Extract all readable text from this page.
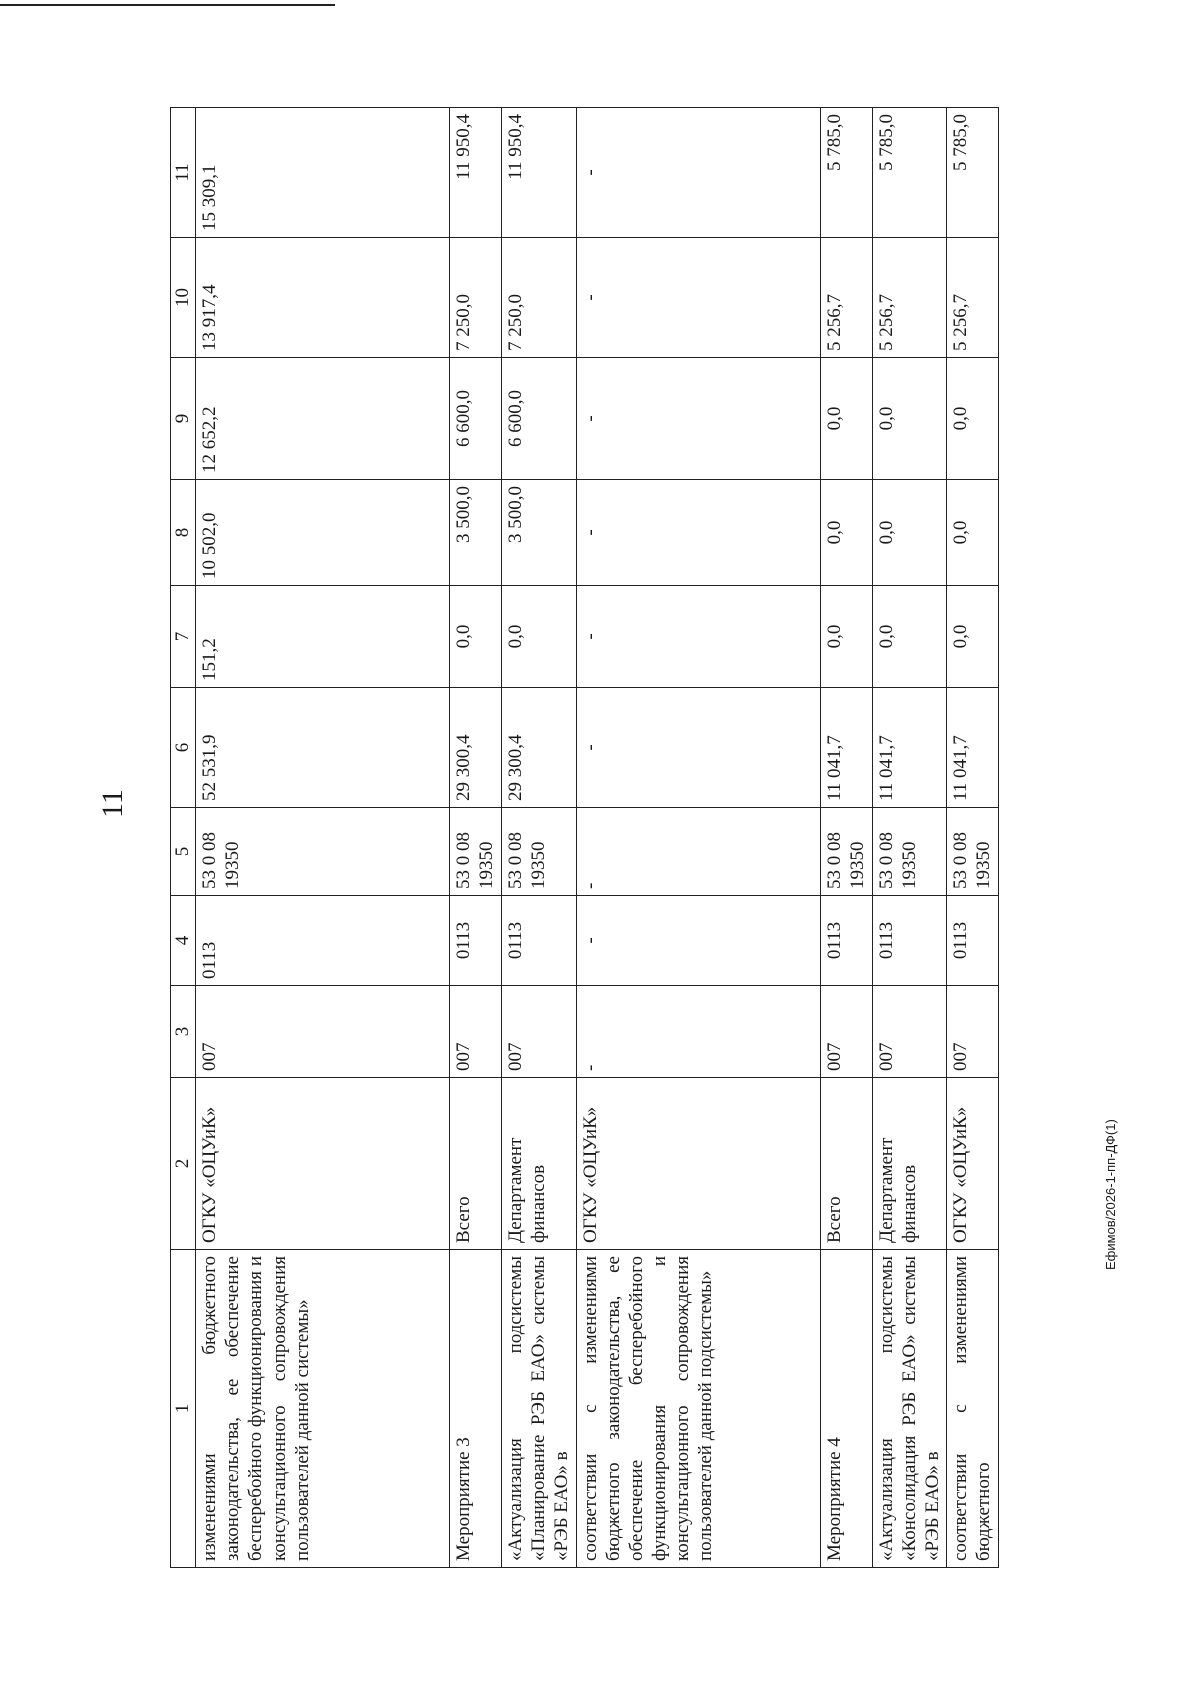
11
Ефимов/2026-1-пп-ДФ(1)
1	2	3	4	5	6	7	8	9	10	11
изменениями бюджетного законодательства, ее обеспечение бесперебойного функционирования и консультационного сопровождения пользователей данной системы»	ОГКУ «ОЦУиК»	007	0113	53 0 08 19350	52 531,9	151,2	10 502,0	12 652,2	13 917,4	15 309,1
Мероприятие 3	Всего	007	0113	53 0 08 19350	29 300,4	0,0	3 500,0	6 600,0	7 250,0	11 950,4
«Актуализация подсистемы «Планирование РЭБ ЕАО» системы «РЭБ ЕАО» в	Департамент финансов	007	0113	53 0 08 19350	29 300,4	0,0	3 500,0	6 600,0	7 250,0	11 950,4
соответствии с изменениями бюджетного законодательства, ее обеспечение бесперебойного функционирования и консультационного сопровождения пользователей данной подсистемы»	ОГКУ «ОЦУиК»	-	-	-	-	-	-	-	-	-
Мероприятие 4	Всего	007	0113	53 0 08 19350	11 041,7	0,0	0,0	0,0	5 256,7	5 785,0
«Актуализация подсистемы «Консолидация РЭБ ЕАО» системы «РЭБ ЕАО» в	Департамент финансов	007	0113	53 0 08 19350	11 041,7	0,0	0,0	0,0	5 256,7	5 785,0
соответствии с изменениями бюджетного	ОГКУ «ОЦУиК»	007	0113	53 0 08 19350	11 041,7	0,0	0,0	0,0	5 256,7	5 785,0
